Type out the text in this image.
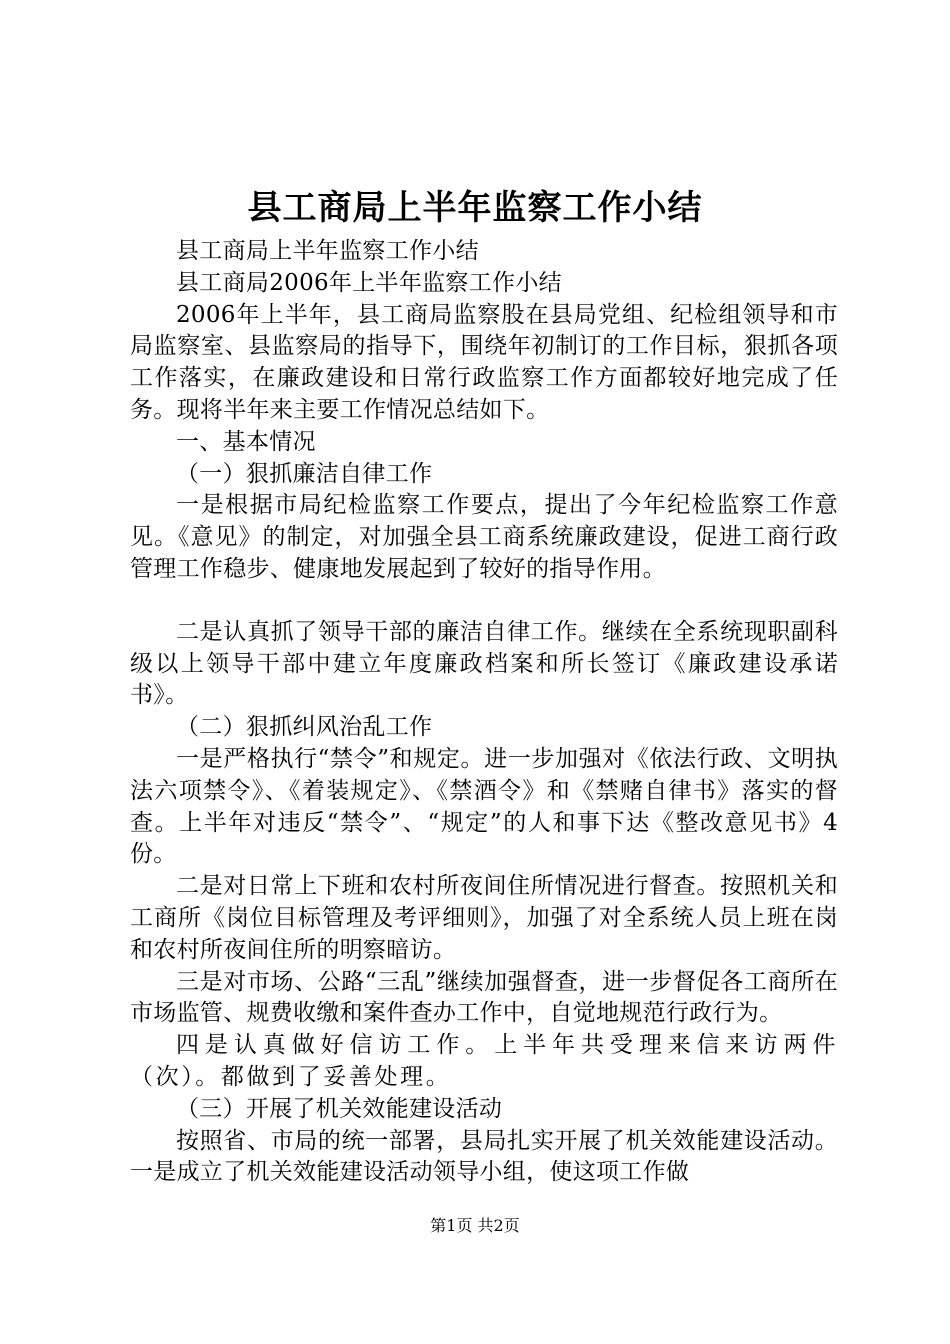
县工商局上半年监察工作小结

县工商局上半年监察工作小结

县工商局2006年上半年监察工作小结

2006年上半年，县工商局监察股在县局党组、纪检组领导和市局监察室、县监察局的指导下，围绕年初制订的工作目标，狠抓各项工作落实，在廉政建设和日常行政监察工作方面都较好地完成了任务。现将半年来主要工作情况总结如下。

一、基本情况

（一）狠抓廉洁自律工作

一是根据市局纪检监察工作要点，提出了今年纪检监察工作意见。《意见》的制定，对加强全县工商系统廉政建设，促进工商行政管理工作稳步、健康地发展起到了较好的指导作用。

二是认真抓了领导干部的廉洁自律工作。继续在全系统现职副科级以上领导干部中建立年度廉政档案和所长签订《廉政建设承诺书》。

（二）狠抓纠风治乱工作

一是严格执行“禁令”和规定。进一步加强对《依法行政、文明执法六项禁令》、《着装规定》、《禁酒令》和《禁赌自律书》落实的督查。上半年对违反“禁令”、“规定”的人和事下达《整改意见书》4份。

二是对日常上下班和农村所夜间住所情况进行督查。按照机关和工商所《岗位目标管理及考评细则》，加强了对全系统人员上班在岗和农村所夜间住所的明察暗访。

三是对市场、公路“三乱”继续加强督查，进一步督促各工商所在市场监管、规费收缴和案件查办工作中，自觉地规范行政行为。

四是认真做好信访工作。上半年共受理来信来访两件（次）。都做到了妥善处理。

（三）开展了机关效能建设活动

按照省、市局的统一部署，县局扎实开展了机关效能建设活动。一是成立了机关效能建设活动领导小组，使这项工作做

第1页 共2页
